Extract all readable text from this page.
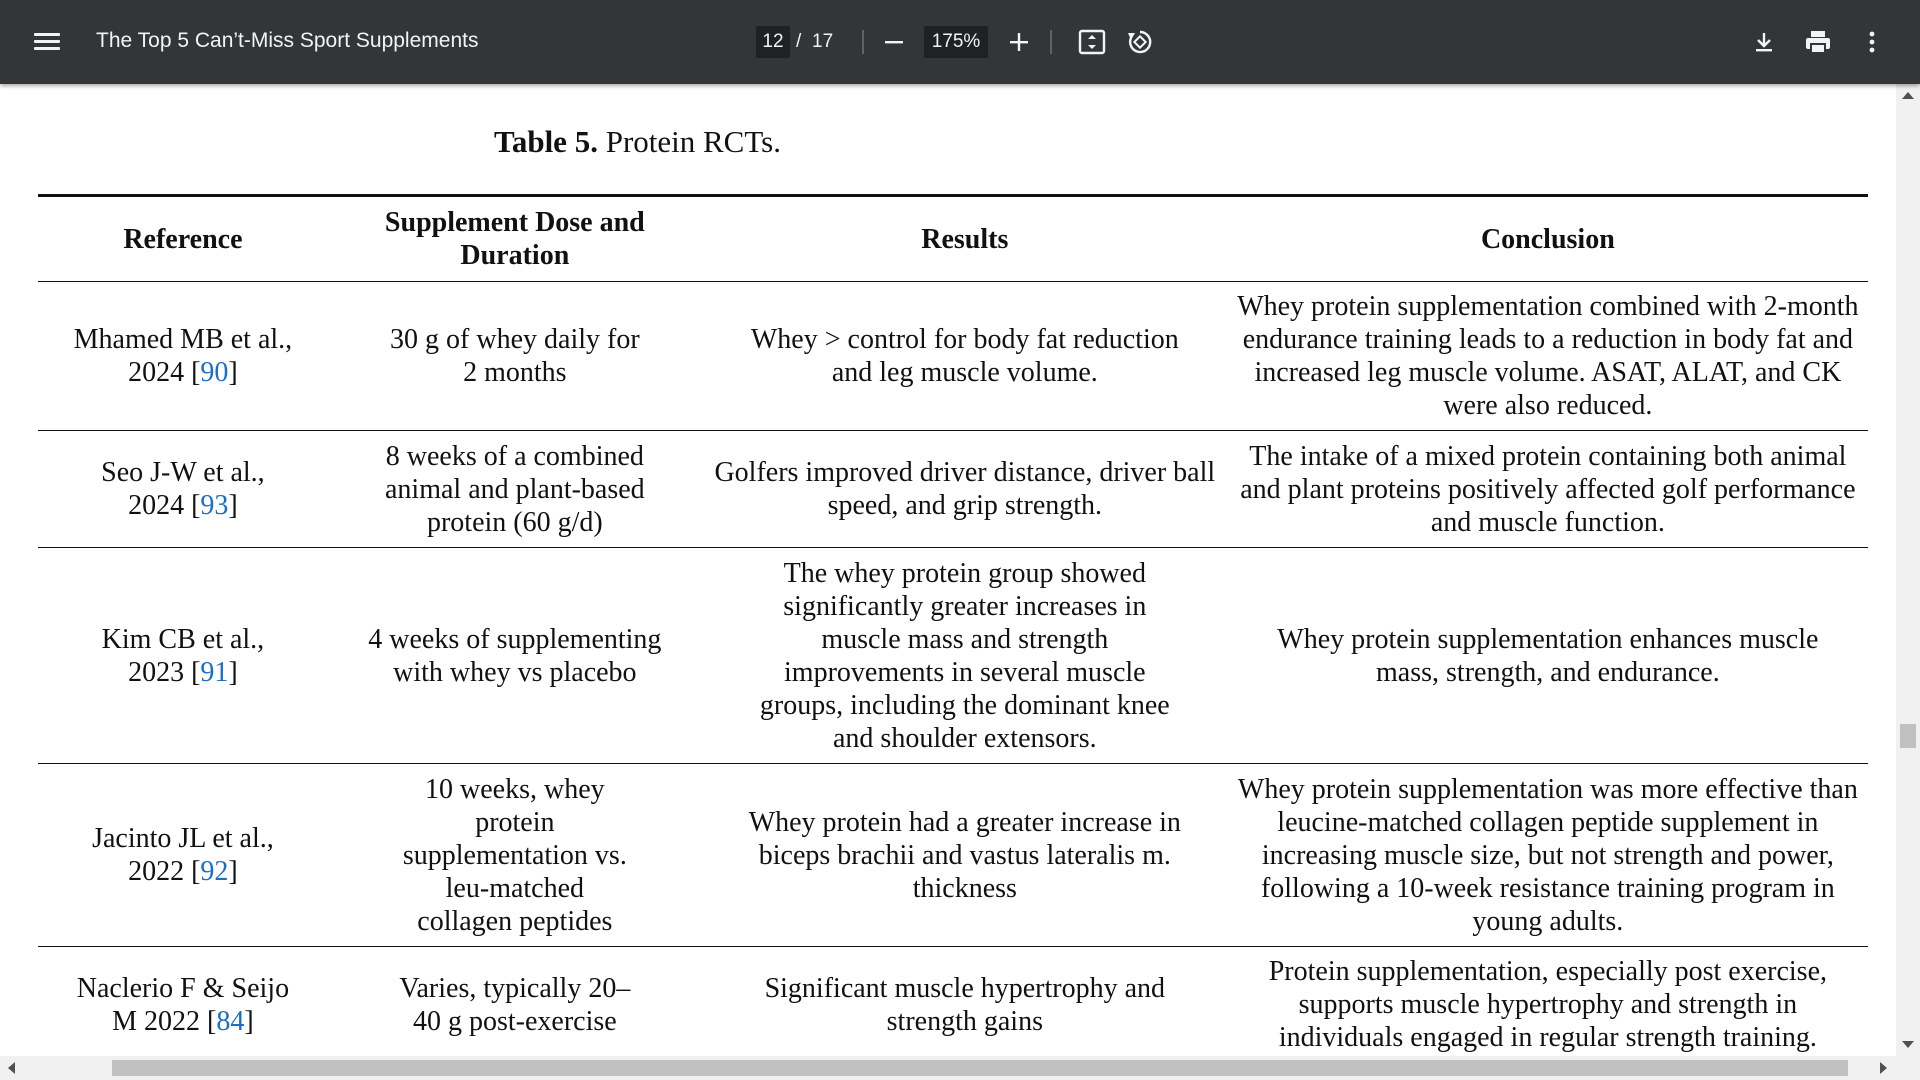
The Top 5 Can’t-Miss Sport Supplements	12 / 17	175%
Table 5. Protein RCTs.
Reference	Supplement Dose and Duration	Results	Conclusion
Mhamed MB et al.,
2024 [90]	30 g of whey daily for 2 months	Whey > control for body fat reduction and leg muscle volume.	Whey protein supplementation combined with 2-month endurance training leads to a reduction in body fat and increased leg muscle volume. ASAT, ALAT, and CK were also reduced.
Seo J-W et al.,
2024 [93]	8 weeks of a combined animal and plant-based protein (60 g/d)	Golfers improved driver distance, driver ball speed, and grip strength.	The intake of a mixed protein containing both animal and plant proteins positively affected golf performance and muscle function.
Kim CB et al.,
2023 [91]	4 weeks of supplementing with whey vs placebo	The whey protein group showed significantly greater increases in muscle mass and strength improvements in several muscle groups, including the dominant knee and shoulder extensors.	Whey protein supplementation enhances muscle mass, strength, and endurance.
Jacinto JL et al.,
2022 [92]	10 weeks, whey protein supplementation vs. leu-matched collagen peptides	Whey protein had a greater increase in biceps brachii and vastus lateralis m. thickness	Whey protein supplementation was more effective than leucine-matched collagen peptide supplement in increasing muscle size, but not strength and power, following a 10-week resistance training program in young adults.
Naclerio F & Seijo
M 2022 [84]	Varies, typically 20–40 g post-exercise	Significant muscle hypertrophy and strength gains	Protein supplementation, especially post exercise, supports muscle hypertrophy and strength in individuals engaged in regular strength training.
